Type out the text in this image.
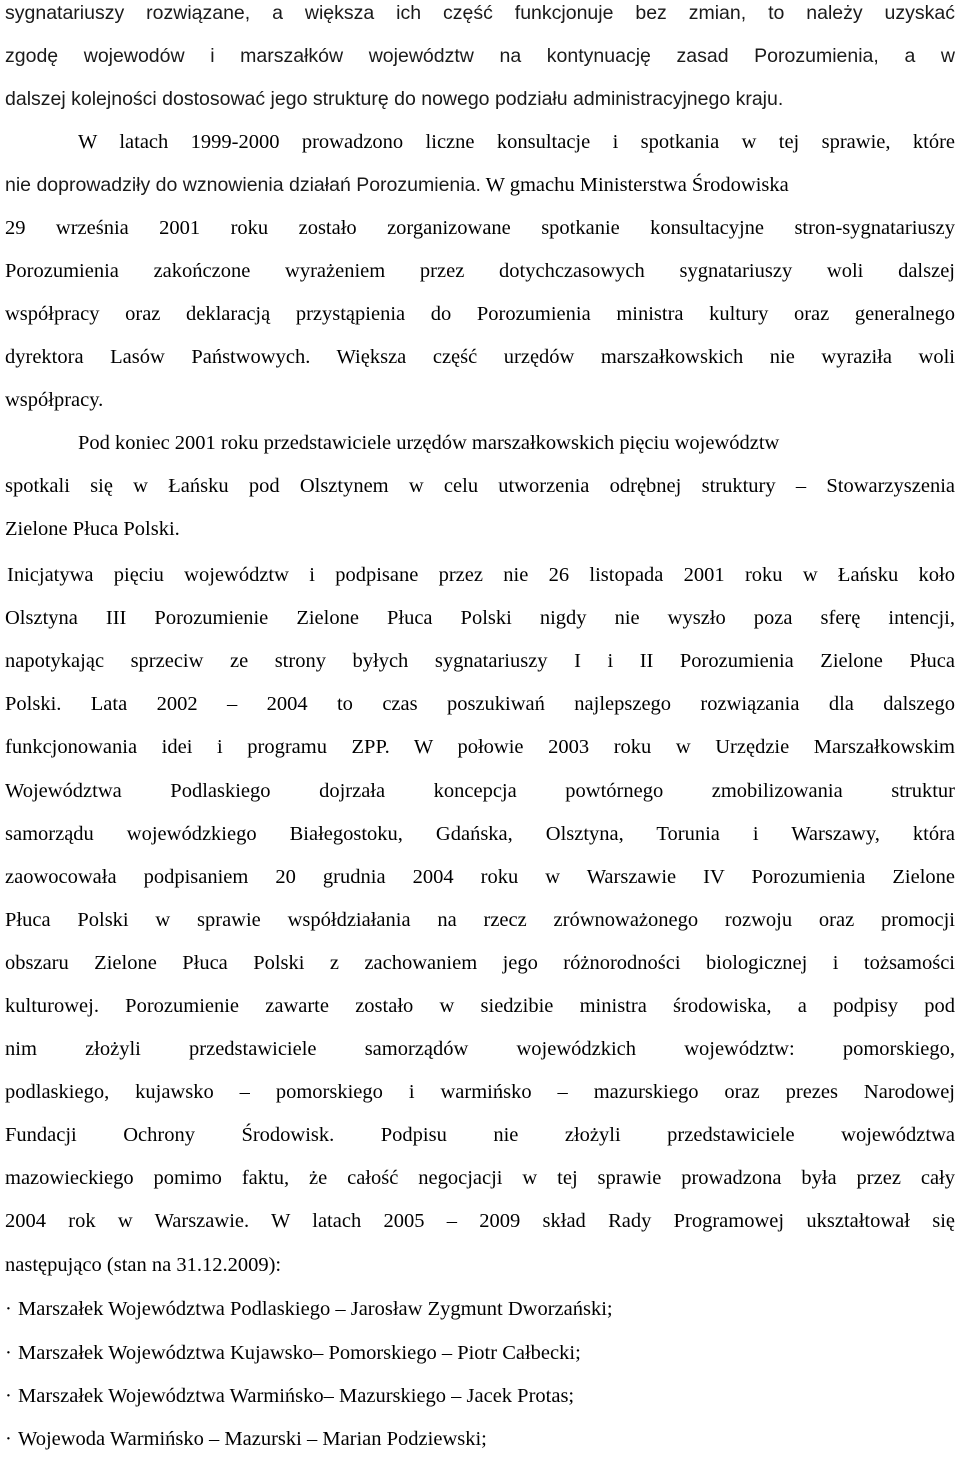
sygnatariuszy rozwiązane, a większa ich część funkcjonuje bez zmian, to należy uzyskać
zgodę wojewodów i marszałków województw na kontynuację zasad Porozumienia, a w
dalszej kolejności dostosować jego strukturę do nowego podziału administracyjnego kraju.
W latach 1999-2000 prowadzono liczne konsultacje i spotkania w tej sprawie, które
nie doprowadziły do wznowienia działań Porozumienia. W gmachu Ministerstwa Środowiska
29 września 2001 roku zostało zorganizowane spotkanie konsultacyjne stron-sygnatariuszy
Porozumienia zakończone wyrażeniem przez dotychczasowych sygnatariuszy woli dalszej
współpracy oraz deklaracją przystąpienia do Porozumienia ministra kultury oraz generalnego
dyrektora Lasów Państwowych. Większa część urzędów marszałkowskich nie wyraziła woli
współpracy.
Pod koniec 2001 roku przedstawiciele urzędów marszałkowskich pięciu województw
spotkali się w Łańsku pod Olsztynem w celu utworzenia odrębnej struktury – Stowarzyszenia
Zielone Płuca Polski.
Inicjatywa pięciu województw i podpisane przez nie 26 listopada 2001 roku w Łańsku koło
Olsztyna III Porozumienie Zielone Płuca Polski nigdy nie wyszło poza sferę intencji,
napotykając sprzeciw ze strony byłych sygnatariuszy I i II Porozumienia Zielone Płuca
Polski. Lata 2002 – 2004 to czas poszukiwań najlepszego rozwiązania dla dalszego
funkcjonowania idei i programu ZPP. W połowie 2003 roku w Urzędzie Marszałkowskim
Województwa Podlaskiego dojrzała koncepcja powtórnego zmobilizowania struktur
samorządu wojewódzkiego Białegostoku, Gdańska, Olsztyna, Torunia i Warszawy, która
zaowocowała podpisaniem 20 grudnia 2004 roku w Warszawie IV Porozumienia Zielone
Płuca Polski w sprawie współdziałania na rzecz zrównoważonego rozwoju oraz promocji
obszaru Zielone Płuca Polski z zachowaniem jego różnorodności biologicznej i tożsamości
kulturowej. Porozumienie zawarte zostało w siedzibie ministra środowiska, a podpisy pod
nim złożyli przedstawiciele samorządów wojewódzkich województw: pomorskiego,
podlaskiego, kujawsko – pomorskiego i warmińsko – mazurskiego oraz prezes Narodowej
Fundacji Ochrony Środowisk. Podpisu nie złożyli przedstawiciele województwa
mazowieckiego pomimo faktu, że całość negocjacji w tej sprawie prowadzona była przez cały
2004 rok w Warszawie. W latach 2005 – 2009 skład Rady Programowej ukształtował się
następująco (stan na 31.12.2009):
· Marszałek Województwa Podlaskiego – Jarosław Zygmunt Dworzański;
· Marszałek Województwa Kujawsko– Pomorskiego – Piotr Całbecki;
· Marszałek Województwa Warmińsko– Mazurskiego – Jacek Protas;
· Wojewoda Warmińsko – Mazurski – Marian Podziewski;
